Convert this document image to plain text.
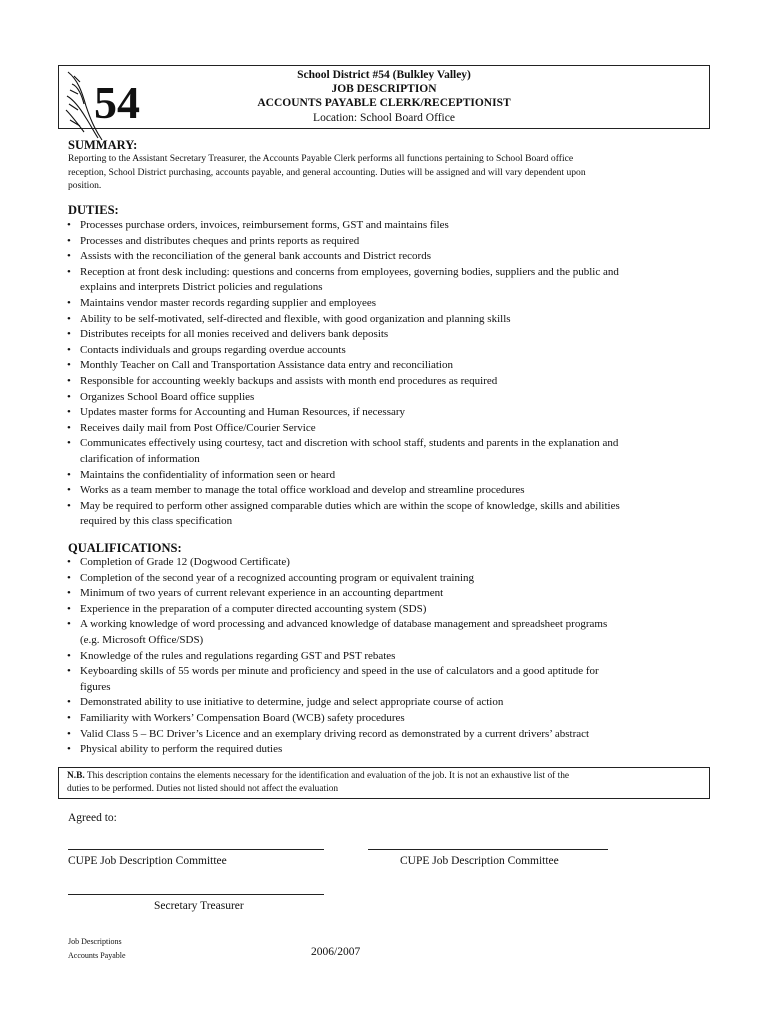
54
School District #54 (Bulkley Valley)
JOB DESCRIPTION
ACCOUNTS PAYABLE CLERK/RECEPTIONIST
Location: School Board Office
SUMMARY:
Reporting to the Assistant Secretary Treasurer, the Accounts Payable Clerk performs all functions pertaining to School Board office
reception, School District purchasing, accounts payable, and general accounting. Duties will be assigned and will vary dependent upon
position.
DUTIES:
• Processes purchase orders, invoices, reimbursement forms, GST and maintains files
• Processes and distributes cheques and prints reports as required
• Assists with the reconciliation of the general bank accounts and District records
• Reception at front desk including: questions and concerns from employees, governing bodies, suppliers and the public and
explains and interprets District policies and regulations
• Maintains vendor master records regarding supplier and employees
• Ability to be self-motivated, self-directed and flexible, with good organization and planning skills
• Distributes receipts for all monies received and delivers bank deposits
• Contacts individuals and groups regarding overdue accounts
• Monthly Teacher on Call and Transportation Assistance data entry and reconciliation
• Responsible for accounting weekly backups and assists with month end procedures as required
• Organizes School Board office supplies
• Updates master forms for Accounting and Human Resources, if necessary
• Receives daily mail from Post Office/Courier Service
• Communicates effectively using courtesy, tact and discretion with school staff, students and parents in the explanation and
clarification of information
• Maintains the confidentiality of information seen or heard
• Works as a team member to manage the total office workload and develop and streamline procedures
• May be required to perform other assigned comparable duties which are within the scope of knowledge, skills and abilities
required by this class specification
QUALIFICATIONS:
• Completion of Grade 12 (Dogwood Certificate)
• Completion of the second year of a recognized accounting program or equivalent training
• Minimum of two years of current relevant experience in an accounting department
• Experience in the preparation of a computer directed accounting system (SDS)
• A working knowledge of word processing and advanced knowledge of database management and spreadsheet programs
(e.g. Microsoft Office/SDS)
• Knowledge of the rules and regulations regarding GST and PST rebates
• Keyboarding skills of 55 words per minute and proficiency and speed in the use of calculators and a good aptitude for
figures
• Demonstrated ability to use initiative to determine, judge and select appropriate course of action
• Familiarity with Workers’ Compensation Board (WCB) safety procedures
• Valid Class 5 – BC Driver’s Licence and an exemplary driving record as demonstrated by a current drivers’ abstract
• Physical ability to perform the required duties
N.B. This description contains the elements necessary for the identification and evaluation of the job. It is not an exhaustive list of the
duties to be performed. Duties not listed should not affect the evaluation
Agreed to:
CUPE Job Description Committee	CUPE Job Description Committee
Secretary Treasurer
Job Descriptions
Accounts Payable	2006/2007
